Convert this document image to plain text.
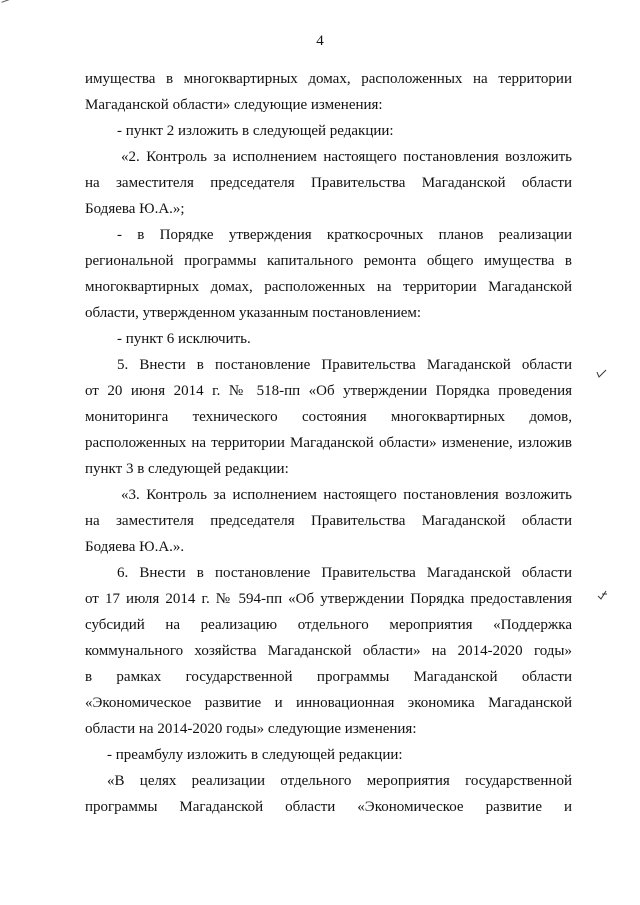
4
имущества в многоквартирных домах, расположенных на территории
Магаданской области» следующие изменения:
- пункт 2 изложить в следующей редакции:
«2. Контроль за исполнением настоящего постановления возложить
на заместителя председателя Правительства Магаданской области
Бодяева Ю.А.»;
- в Порядке утверждения краткосрочных планов реализации
региональной программы капитального ремонта общего имущества в
многоквартирных домах, расположенных на территории Магаданской
области, утвержденном указанным постановлением:
- пункт 6 исключить.
5. Внести в постановление Правительства Магаданской области
от 20 июня 2014 г. № 518-пп «Об утверждении Порядка проведения
мониторинга технического состояния многоквартирных домов,
расположенных на территории Магаданской области» изменение, изложив
пункт 3 в следующей редакции:
«3. Контроль за исполнением настоящего постановления возложить
на заместителя председателя Правительства Магаданской области
Бодяева Ю.А.».
6. Внести в постановление Правительства Магаданской области
от 17 июля 2014 г. № 594-пп «Об утверждении Порядка предоставления
субсидий на реализацию отдельного мероприятия «Поддержка
коммунального хозяйства Магаданской области» на 2014-2020 годы»
в рамках государственной программы Магаданской области
«Экономическое развитие и инновационная экономика Магаданской
области на 2014-2020 годы» следующие изменения:
- преамбулу изложить в следующей редакции:
«В целях реализации отдельного мероприятия государственной
программы Магаданской области «Экономическое развитие и
